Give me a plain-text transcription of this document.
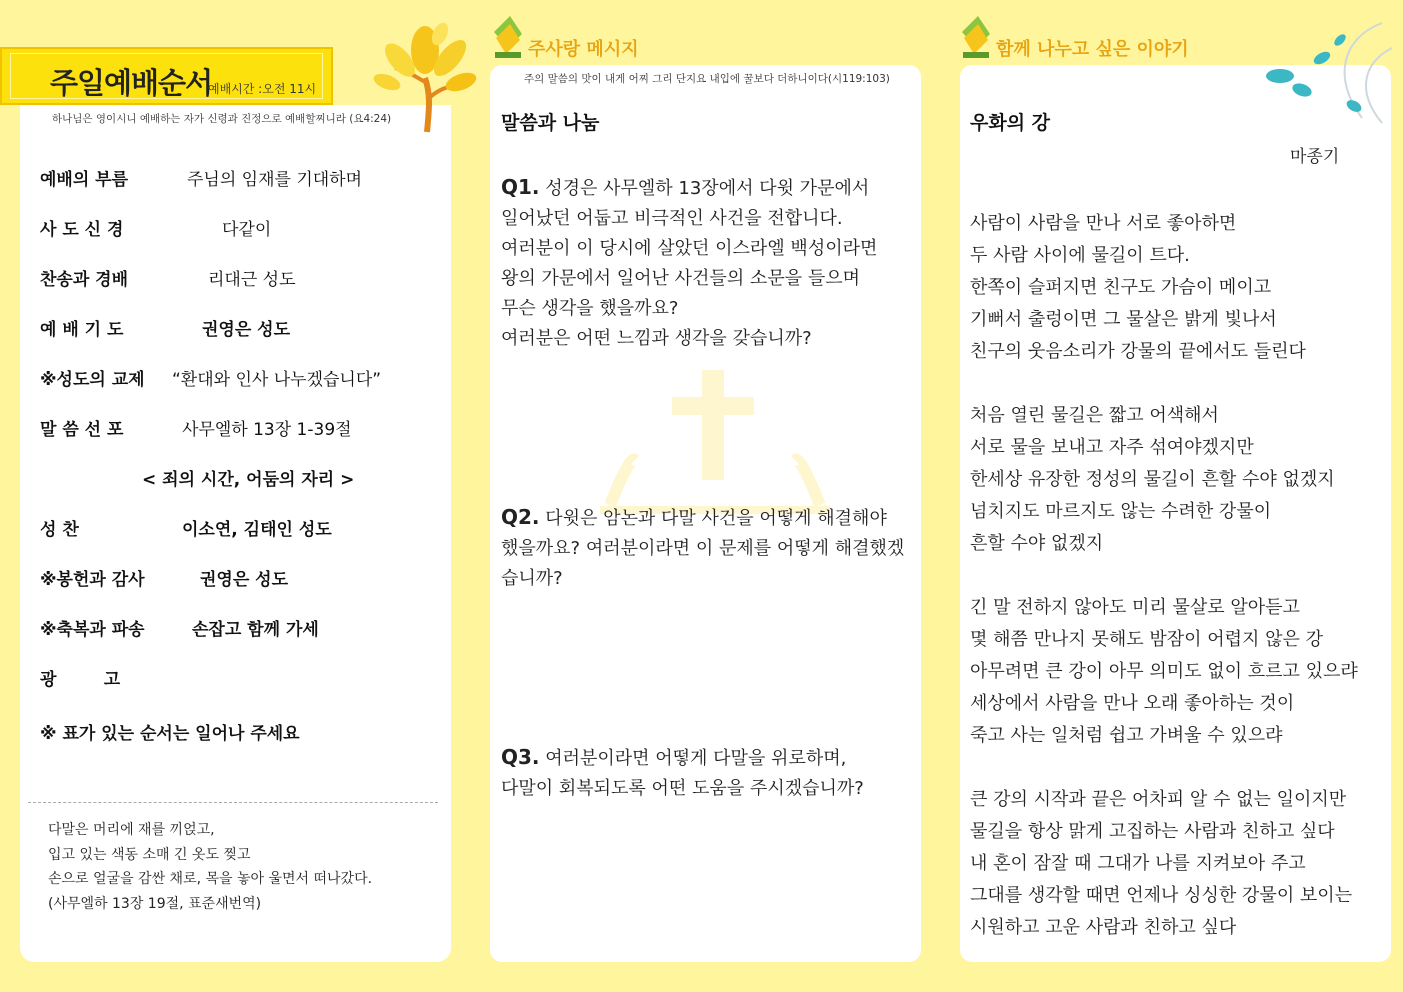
주일예배순서
예배시간 :오전 11시
하나님은 영이시니 예배하는 자가 신령과 진정으로 예배할찌니라 (요4:24)
예배의 부름	주님의 임재를 기대하며
사 도 신 경	다같이
찬송과 경배	리대근 성도
예 배 기 도	권영은 성도
※성도의 교제 “환대와 인사 나누겠습니다”
말 씀 선 포	사무엘하 13장 1-39절
< 죄의 시간, 어둠의 자리 >
성 찬	이소연, 김태인 성도
※봉헌과 감사	권영은 성도
※축복과 파송	손잡고 함께 가세
광        고
※ 표가 있는 순서는 일어나 주세요
다말은 머리에 재를 끼얹고,
입고 있는 색동 소매 긴 옷도 찢고
손으로 얼굴을 감싼 채로, 목을 놓아 울면서 떠나갔다.
(사무엘하 13장 19절, 표준새번역)
주사랑 메시지
주의 말씀의 맛이 내게 어찌 그리 단지요 내입에 꿀보다 더하니이다(시119:103)
말씀과 나눔
Q1. 성경은 사무엘하 13장에서 다윗 가문에서
일어났던 어둡고 비극적인 사건을 전합니다.
여러분이 이 당시에 살았던 이스라엘 백성이라면
왕의 가문에서 일어난 사건들의 소문을 들으며
무슨 생각을 했을까요?
여러분은 어떤 느낌과 생각을 갖습니까?
Q2. 다윗은 암논과 다말 사건을 어떻게 해결해야
했을까요? 여러분이라면 이 문제를 어떻게 해결했겠
습니까?
Q3. 여러분이라면 어떻게 다말을 위로하며,
다말이 회복되도록 어떤 도움을 주시겠습니까?
함께 나누고 싶은 이야기
우화의 강
마종기
사람이 사람을 만나 서로 좋아하면
두 사람 사이에 물길이 트다.
한쪽이 슬퍼지면 친구도 가슴이 메이고
기뻐서 출렁이면 그 물살은 밝게 빛나서
친구의 웃음소리가 강물의 끝에서도 들린다
처음 열린 물길은 짧고 어색해서
서로 물을 보내고 자주 섞여야겠지만
한세상 유장한 정성의 물길이 흔할 수야 없겠지
넘치지도 마르지도 않는 수려한 강물이
흔할 수야 없겠지
긴 말 전하지 않아도 미리 물살로 알아듣고
몇 해쯤 만나지 못해도 밤잠이 어렵지 않은 강
아무려면 큰 강이 아무 의미도 없이 흐르고 있으랴
세상에서 사람을 만나 오래 좋아하는 것이
죽고 사는 일처럼 쉽고 가벼울 수 있으랴
큰 강의 시작과 끝은 어차피 알 수 없는 일이지만
물길을 항상 맑게 고집하는 사람과 친하고 싶다
내 혼이 잠잘 때 그대가 나를 지켜보아 주고
그대를 생각할 때면 언제나 싱싱한 강물이 보이는
시원하고 고운 사람과 친하고 싶다
